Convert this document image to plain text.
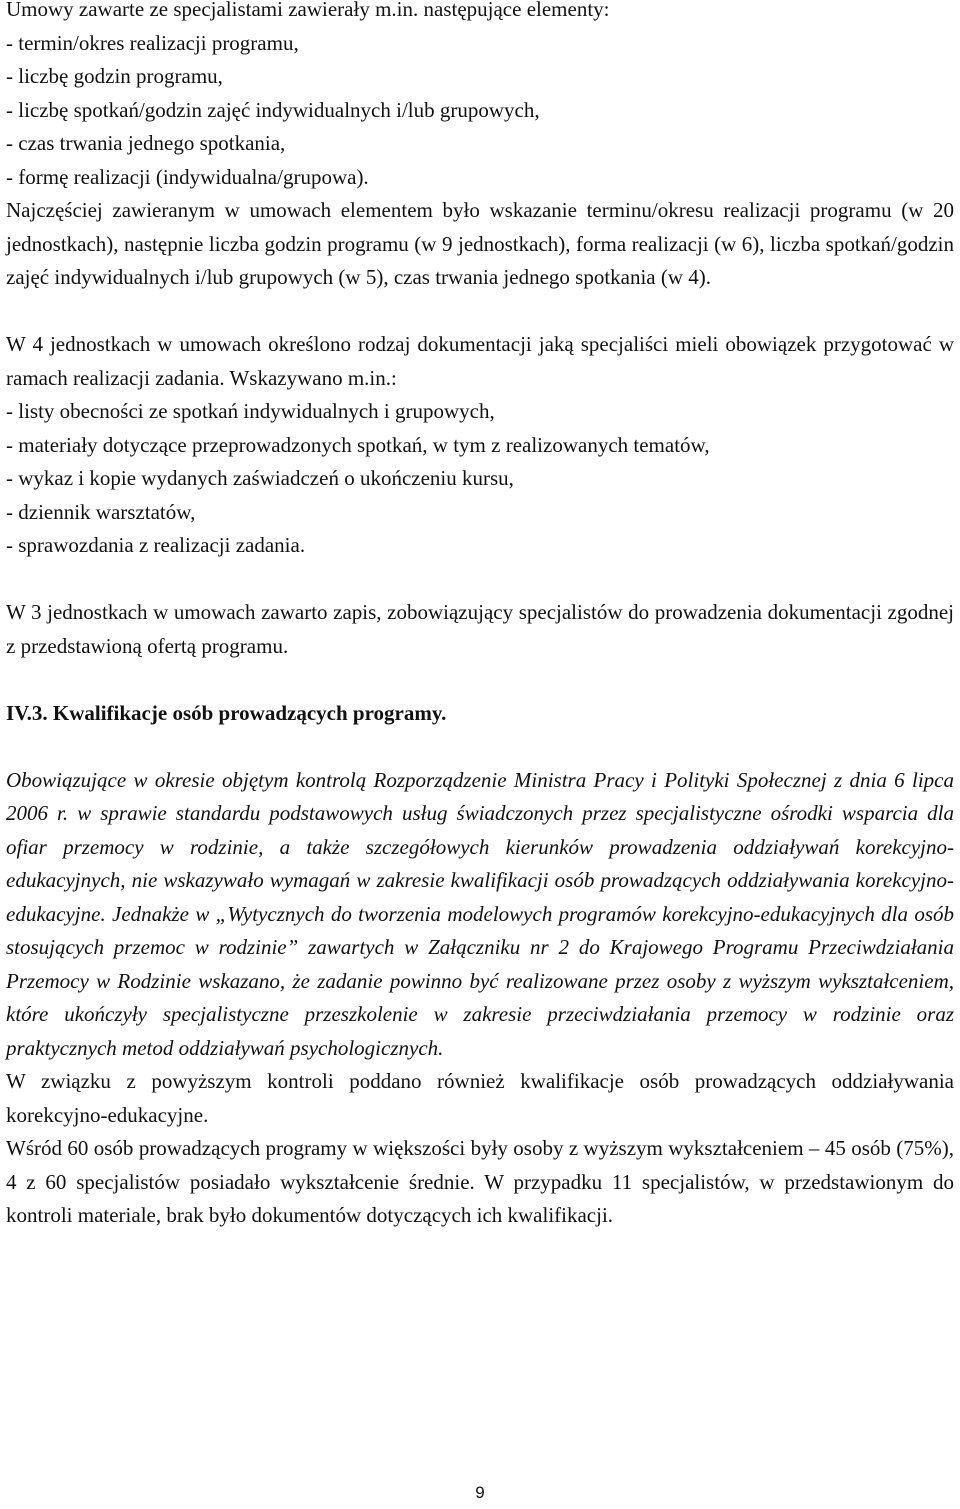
Umowy zawarte ze specjalistami zawierały m.in. następujące elementy:

- termin/okres realizacji programu,

- liczbę godzin programu,

- liczbę spotkań/godzin zajęć indywidualnych i/lub grupowych,

- czas trwania jednego spotkania,

- formę realizacji (indywidualna/grupowa).

Najczęściej zawieranym w umowach elementem było wskazanie terminu/okresu realizacji programu (w 20 jednostkach), następnie liczba godzin programu (w 9 jednostkach), forma realizacji (w 6), liczba spotkań/godzin zajęć indywidualnych i/lub grupowych (w 5), czas trwania jednego spotkania (w 4).

W 4 jednostkach w umowach określono rodzaj dokumentacji jaką specjaliści mieli obowiązek przygotować w ramach realizacji zadania. Wskazywano m.in.:

- listy obecności ze spotkań indywidualnych i grupowych,

- materiały dotyczące przeprowadzonych spotkań, w tym z realizowanych tematów,

- wykaz i kopie wydanych zaświadczeń o ukończeniu kursu,

- dziennik warsztatów,

- sprawozdania z realizacji zadania.

W 3 jednostkach w umowach zawarto zapis, zobowiązujący specjalistów do prowadzenia dokumentacji zgodnej z przedstawioną ofertą programu.

IV.3. Kwalifikacje osób prowadzących programy.

Obowiązujące w okresie objętym kontrolą Rozporządzenie Ministra Pracy i Polityki Społecznej z dnia 6 lipca 2006 r. w sprawie standardu podstawowych usług świadczonych przez specjalistyczne ośrodki wsparcia dla ofiar przemocy w rodzinie, a także szczegółowych kierunków prowadzenia oddziaływań korekcyjno-edukacyjnych, nie wskazywało wymagań w zakresie kwalifikacji osób prowadzących oddziaływania korekcyjno-edukacyjne. Jednakże w „Wytycznych do tworzenia modelowych programów korekcyjno-edukacyjnych dla osób stosujących przemoc w rodzinie” zawartych w Załączniku nr 2 do Krajowego Programu Przeciwdziałania Przemocy w Rodzinie wskazano, że zadanie powinno być realizowane przez osoby z wyższym wykształceniem, które ukończyły specjalistyczne przeszkolenie w zakresie przeciwdziałania przemocy w rodzinie oraz praktycznych metod oddziaływań psychologicznych.

W związku z powyższym kontroli poddano również kwalifikacje osób prowadzących oddziaływania korekcyjno-edukacyjne.

Wśród 60 osób prowadzących programy w większości były osoby z wyższym wykształceniem – 45 osób (75%), 4 z 60 specjalistów posiadało wykształcenie średnie. W przypadku 11 specjalistów, w przedstawionym do kontroli materiale, brak było dokumentów dotyczących ich kwalifikacji.

9
